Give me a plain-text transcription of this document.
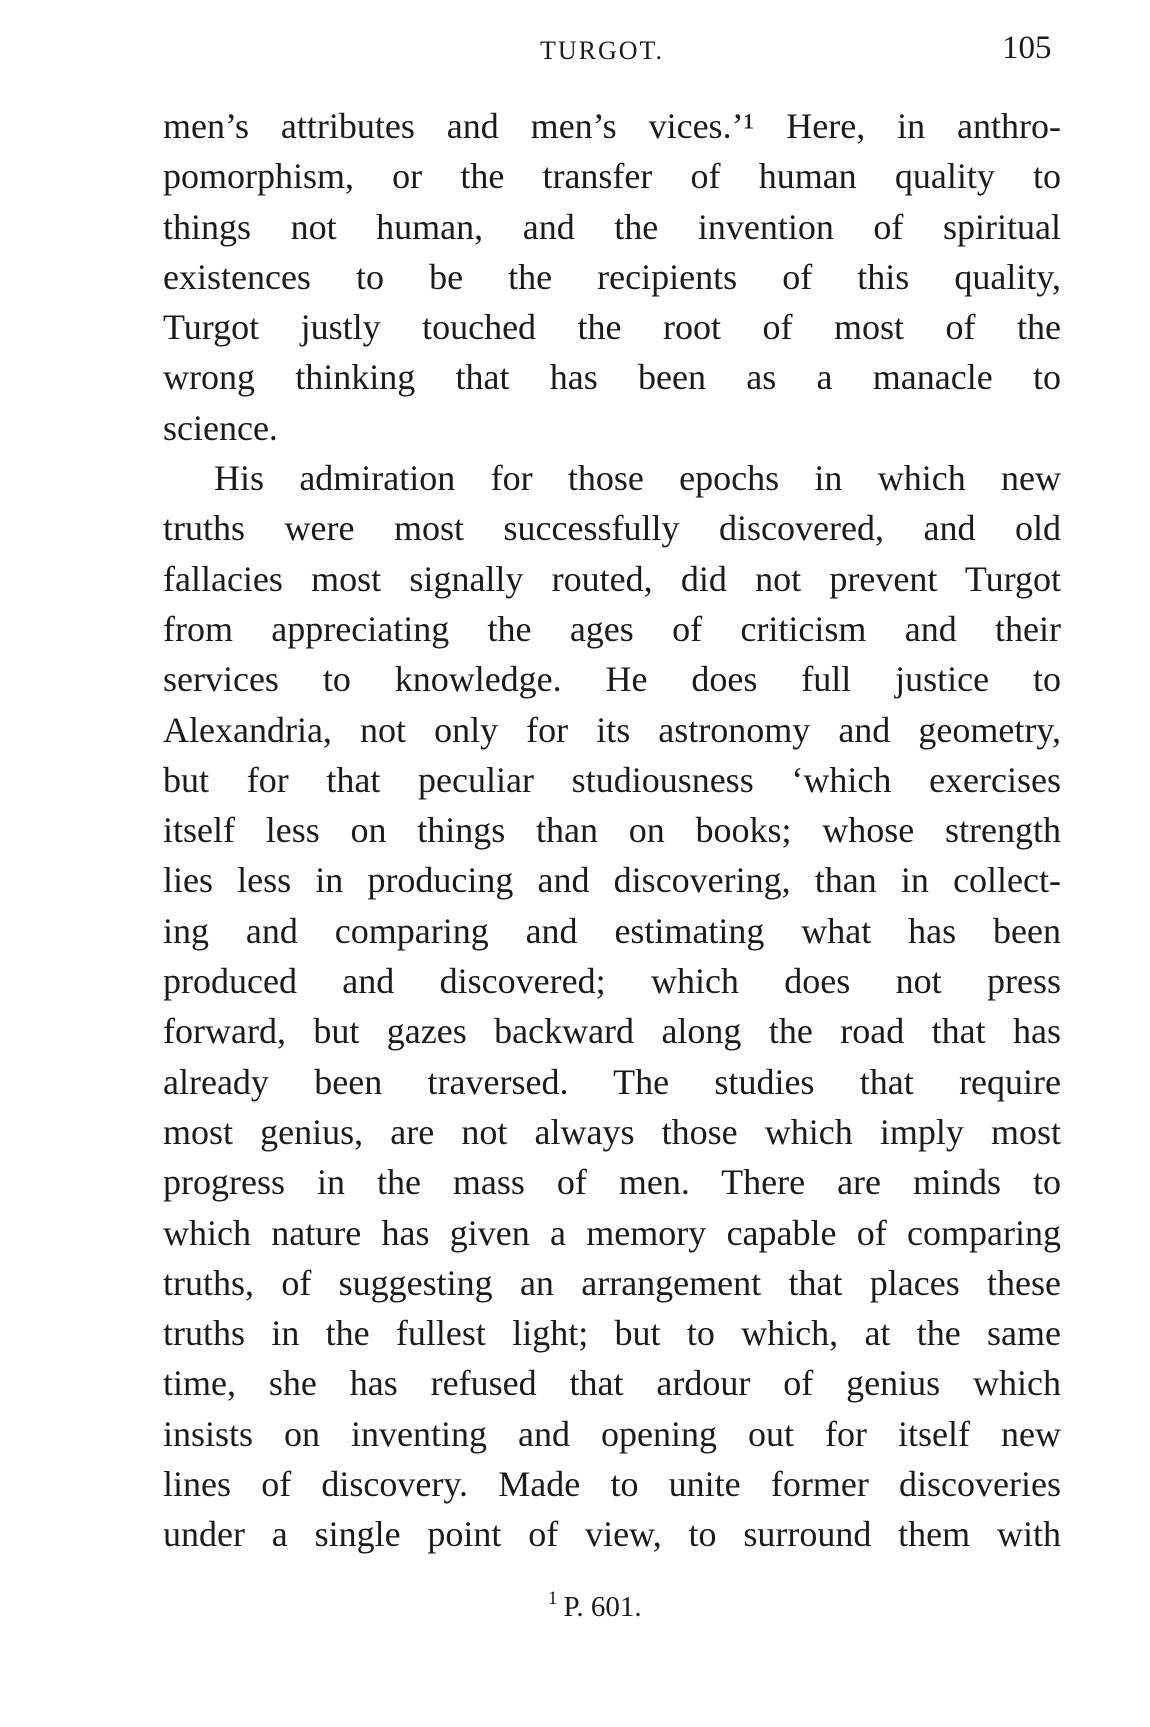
TURGOT.	105
men’s attributes and men’s vices.’¹ Here, in anthro-
pomorphism, or the transfer of human quality to
things not human, and the invention of spiritual
existences to be the recipients of this quality,
Turgot justly touched the root of most of the
wrong thinking that has been as a manacle to
science.
His admiration for those epochs in which new
truths were most successfully discovered, and old
fallacies most signally routed, did not prevent Turgot
from appreciating the ages of criticism and their
services to knowledge. He does full justice to
Alexandria, not only for its astronomy and geometry,
but for that peculiar studiousness ‘which exercises
itself less on things than on books; whose strength
lies less in producing and discovering, than in collect-
ing and comparing and estimating what has been
produced and discovered; which does not press
forward, but gazes backward along the road that has
already been traversed. The studies that require
most genius, are not always those which imply most
progress in the mass of men. There are minds to
which nature has given a memory capable of comparing
truths, of suggesting an arrangement that places these
truths in the fullest light; but to which, at the same
time, she has refused that ardour of genius which
insists on inventing and opening out for itself new
lines of discovery. Made to unite former discoveries
under a single point of view, to surround them with
$^1$ P. 601.
